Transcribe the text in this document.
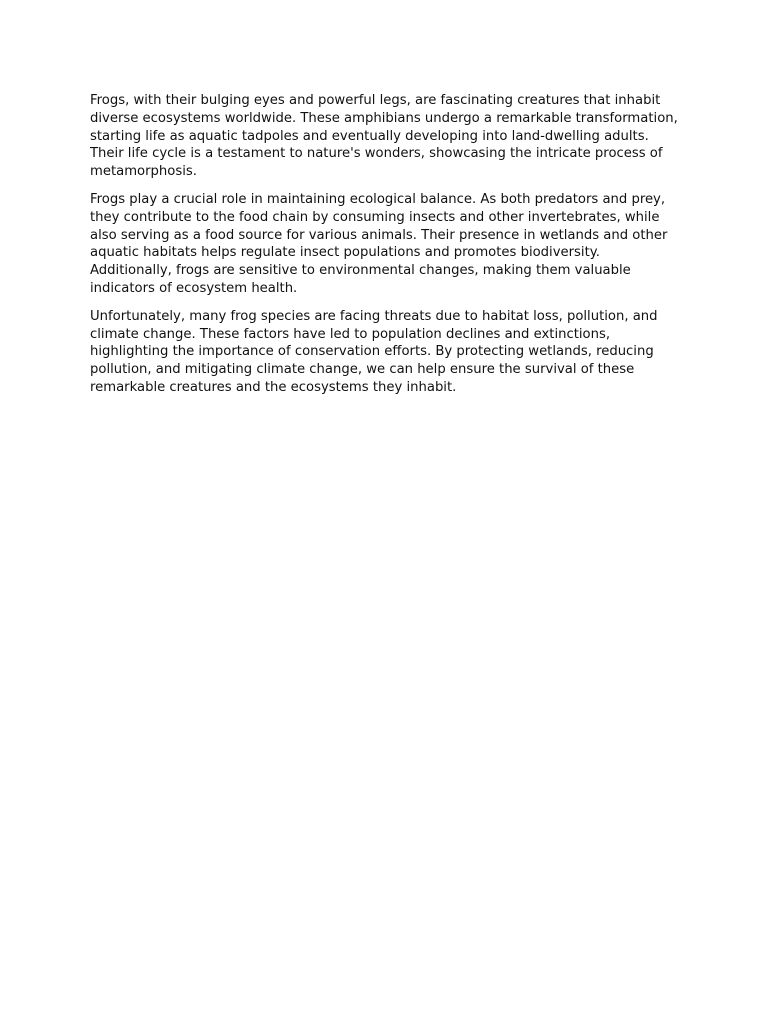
Frogs, with their bulging eyes and powerful legs, are fascinating creatures that inhabit diverse ecosystems worldwide. These amphibians undergo a remarkable transformation, starting life as aquatic tadpoles and eventually developing into land-dwelling adults. Their life cycle is a testament to nature's wonders, showcasing the intricate process of metamorphosis.

Frogs play a crucial role in maintaining ecological balance. As both predators and prey, they contribute to the food chain by consuming insects and other invertebrates, while also serving as a food source for various animals. Their presence in wetlands and other aquatic habitats helps regulate insect populations and promotes biodiversity. Additionally, frogs are sensitive to environmental changes, making them valuable indicators of ecosystem health.

Unfortunately, many frog species are facing threats due to habitat loss, pollution, and climate change. These factors have led to population declines and extinctions, highlighting the importance of conservation efforts. By protecting wetlands, reducing pollution, and mitigating climate change, we can help ensure the survival of these remarkable creatures and the ecosystems they inhabit.
